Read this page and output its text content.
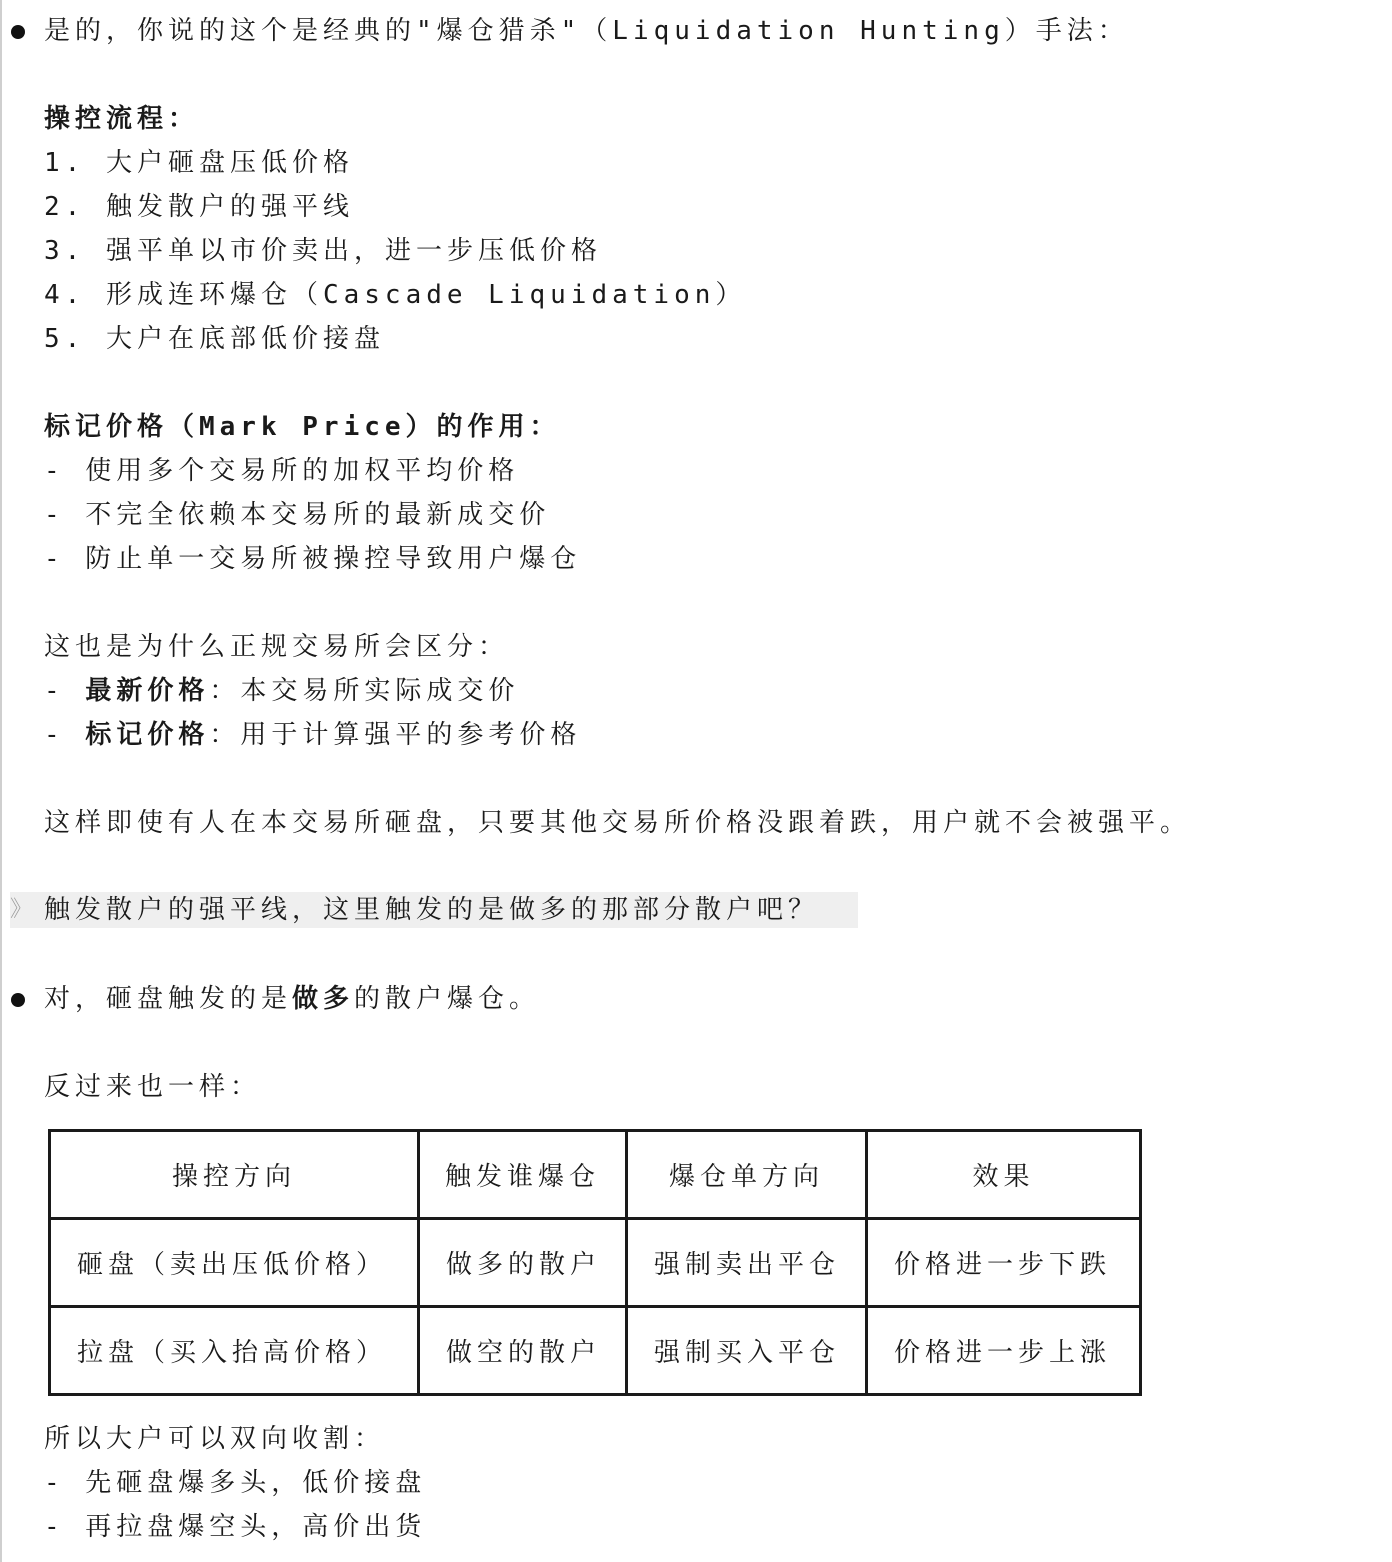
是的，你说的这个是经典的"爆仓猎杀"（Liquidation Hunting）手法：
操控流程：
1. 大户砸盘压低价格
2. 触发散户的强平线
3. 强平单以市价卖出，进一步压低价格
4. 形成连环爆仓（Cascade Liquidation）
5. 大户在底部低价接盘
标记价格（Mark Price）的作用：
- 使用多个交易所的加权平均价格
- 不完全依赖本交易所的最新成交价
- 防止单一交易所被操控导致用户爆仓
这也是为什么正规交易所会区分：
- 最新价格：本交易所实际成交价
- 标记价格：用于计算强平的参考价格
这样即使有人在本交易所砸盘，只要其他交易所价格没跟着跌，用户就不会被强平。
》 触发散户的强平线，这里触发的是做多的那部分散户吧？
对，砸盘触发的是做多的散户爆仓。
反过来也一样：
操控方向	触发谁爆仓	爆仓单方向	效果
砸盘（卖出压低价格）	做多的散户	强制卖出平仓	价格进一步下跌
拉盘（买入抬高价格）	做空的散户	强制买入平仓	价格进一步上涨
所以大户可以双向收割：
- 先砸盘爆多头，低价接盘
- 再拉盘爆空头，高价出货
